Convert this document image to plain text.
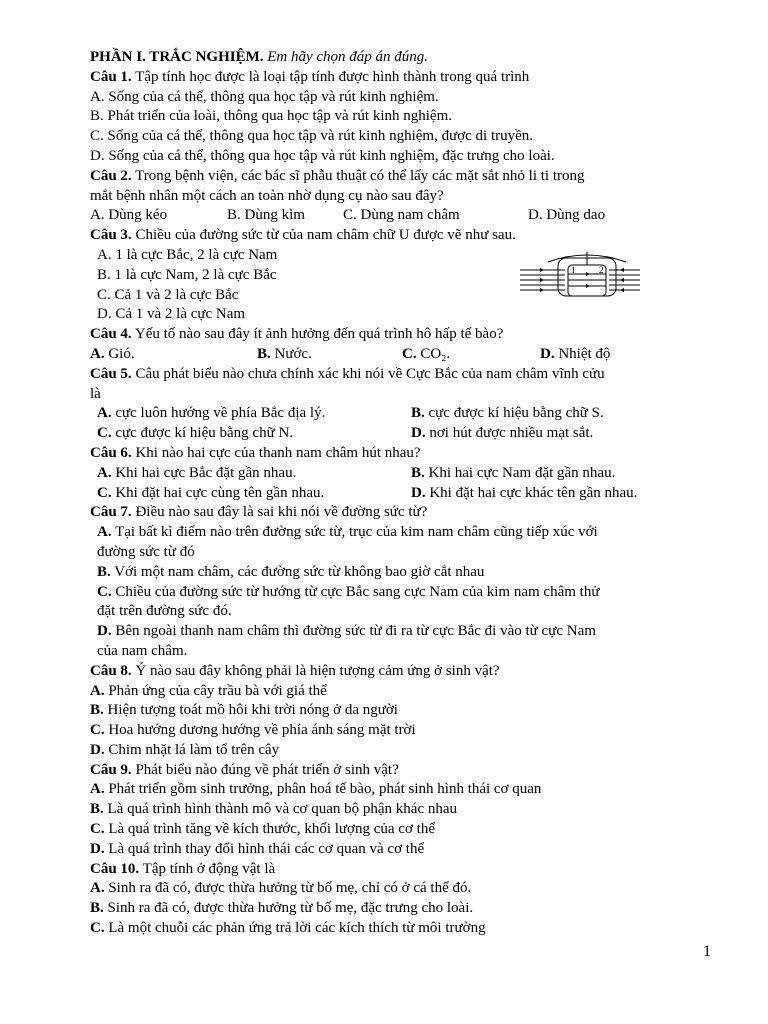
PHẦN I. TRẮC NGHIỆM. Em hãy chọn đáp án đúng.
Câu 1. Tập tính học được là loại tập tính được hình thành trong quá trình
A. Sống của cá thể, thông qua học tập và rút kinh nghiệm.
B. Phát triển của loài, thông qua học tập và rút kinh nghiệm.
C. Sống của cá thể, thông qua học tập và rút kinh nghiệm, được di truyền.
D. Sống của cá thể, thông qua học tập và rút kinh nghiệm, đặc trưng cho loài.
Câu 2. Trong bệnh viện, các bác sĩ phẫu thuật có thể lấy các mặt sắt nhỏ li ti trong
mắt bệnh nhân một cách an toàn nhờ dụng cụ nào sau đây?
A. Dùng kéo	B. Dùng kìm	C. Dùng nam châm	D. Dùng dao
Câu 3. Chiều của đường sức từ của nam châm chữ U được vẽ như sau.
A. 1 là cực Bắc, 2 là cực Nam
B. 1 là cực Nam, 2 là cực Bắc
C. Cả 1 và 2 là cực Bắc
D. Cả 1 và 2 là cực Nam
1	2
Câu 4. Yếu tố nào sau đây ít ảnh hưởng đến quá trình hô hấp tế bào?
A. Gió.	B. Nước.	C. CO₂.	D. Nhiệt độ
Câu 5. Câu phát biểu nào chưa chính xác khi nói về Cực Bắc của nam châm vĩnh cửu
là
A. cực luôn hướng về phía Bắc địa lý.	B. cực được kí hiệu bằng chữ S.
C. cực được kí hiệu bằng chữ N.	D. nơi hút được nhiều mạt sắt.
Câu 6. Khi nào hai cực của thanh nam châm hút nhau?
A. Khi hai cực Bắc đặt gần nhau.	B. Khi hai cực Nam đặt gần nhau.
C. Khi đặt hai cực cùng tên gần nhau.	D. Khi đặt hai cực khác tên gần nhau.
Câu 7. Điều nào sau đây là sai khi nói về đường sức từ?
A. Tại bất kì điểm nào trên đường sức từ, trục của kim nam châm cũng tiếp xúc với
đường sức từ đó
B. Với một nam châm, các đường sức từ không bao giờ cắt nhau
C. Chiều của đường sức từ hướng từ cực Bắc sang cực Nam của kim nam châm thử
đặt trên đường sức đó.
D. Bên ngoài thanh nam châm thì đường sức từ đi ra từ cực Bắc đi vào từ cực Nam
của nam châm.
Câu 8. Ý nào sau đây không phải là hiện tượng cảm ứng ở sinh vật?
A. Phản ứng của cây trầu bà với giá thể
B. Hiện tượng toát mồ hôi khi trời nóng ở da người
C. Hoa hướng dương hướng về phía ánh sáng mặt trời
D. Chim nhặt lá làm tổ trên cây
Câu 9. Phát biểu nào đúng về phát triển ở sinh vật?
A. Phát triển gồm sinh trưởng, phân hoá tế bào, phát sinh hình thái cơ quan
B. Là quá trình hình thành mô và cơ quan bộ phận khác nhau
C. Là quá trình tăng về kích thước, khối lượng của cơ thể
D. Là quá trình thay đổi hình thái các cơ quan và cơ thể
Câu 10. Tập tính ở động vật là
A. Sinh ra đã có, được thừa hưởng từ bố mẹ, chỉ có ở cá thể đó.
B. Sinh ra đã có, được thừa hưởng từ bố mẹ, đặc trưng cho loài.
C. Là một chuỗi các phản ứng trả lời các kích thích từ môi trường
1
